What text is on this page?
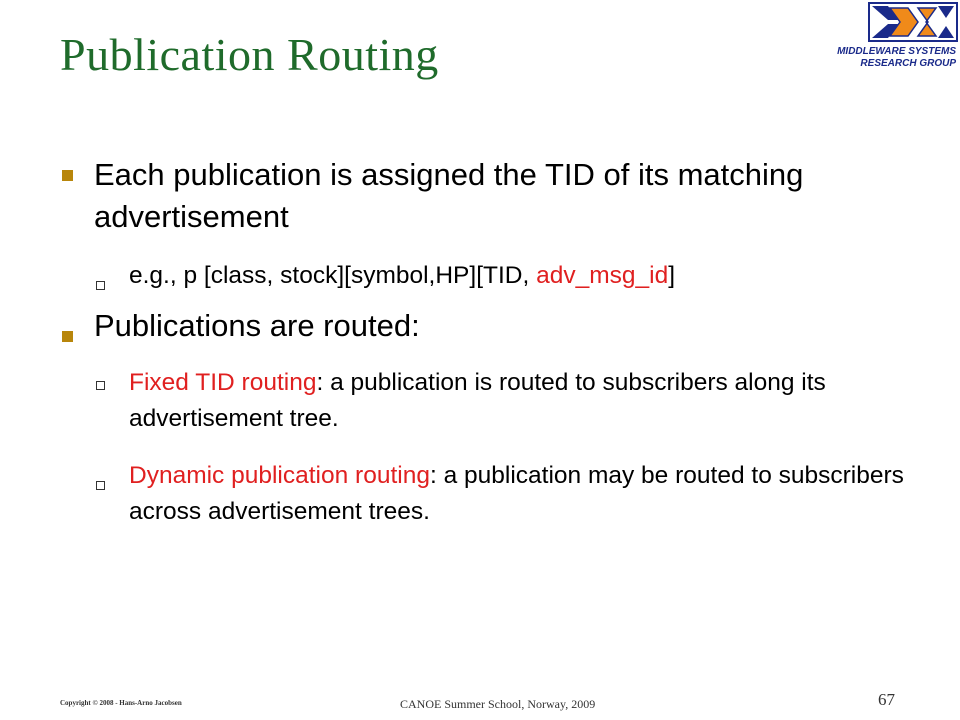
Publication Routing	MIDDLEWARE SYSTEMS
RESEARCH GROUP
Each publication is assigned the TID of its matching advertisement
e.g., p [class, stock][symbol,HP][TID, adv_msg_id]
Publications are routed:
Fixed TID routing: a publication is routed to subscribers along its advertisement tree.
Dynamic publication routing: a publication may be routed to subscribers across advertisement trees.
Copyright © 2008 - Hans-Arno Jacobsen	CANOE Summer School, Norway, 2009	67
